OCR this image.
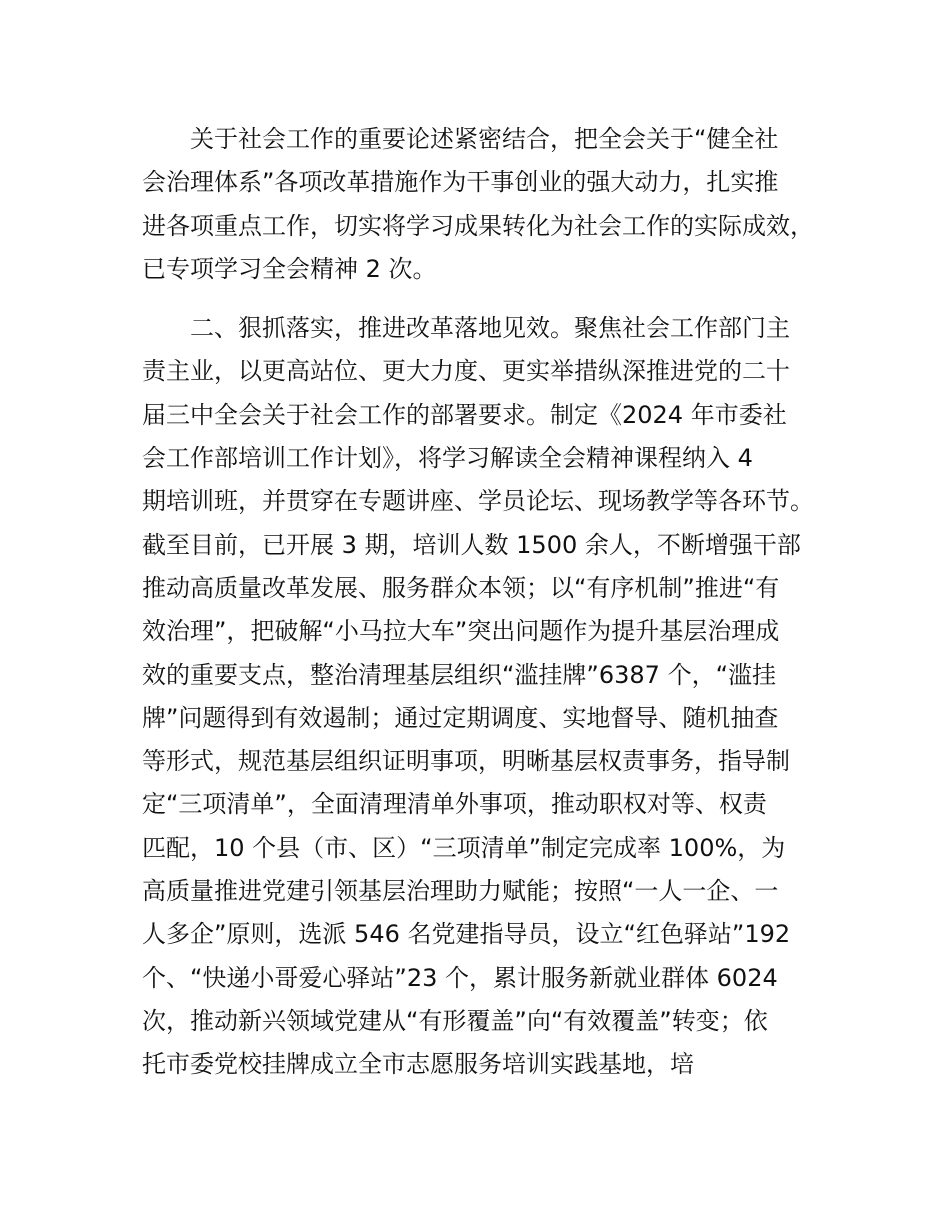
关于社会工作的重要论述紧密结合，把全会关于“健全社
会治理体系”各项改革措施作为干事创业的强大动力，扎实推
进各项重点工作，切实将学习成果转化为社会工作的实际成效，
已专项学习全会精神 2 次。
二、狠抓落实，推进改革落地见效。聚焦社会工作部门主
责主业，以更高站位、更大力度、更实举措纵深推进党的二十
届三中全会关于社会工作的部署要求。制定《2024 年市委社
会工作部培训工作计划》，将学习解读全会精神课程纳入 4
期培训班，并贯穿在专题讲座、学员论坛、现场教学等各环节。
截至目前，已开展 3 期，培训人数 1500 余人，不断增强干部
推动高质量改革发展、服务群众本领；以“有序机制”推进“有
效治理”，把破解“小马拉大车”突出问题作为提升基层治理成
效的重要支点，整治清理基层组织“滥挂牌”6387 个，“滥挂
牌”问题得到有效遏制；通过定期调度、实地督导、随机抽查
等形式，规范基层组织证明事项，明晰基层权责事务，指导制
定“三项清单”，全面清理清单外事项，推动职权对等、权责
匹配，10 个县（市、区）“三项清单”制定完成率 100%，为
高质量推进党建引领基层治理助力赋能；按照“一人一企、一
人多企”原则，选派 546 名党建指导员，设立“红色驿站”192
个、“快递小哥爱心驿站”23 个，累计服务新就业群体 6024
次，推动新兴领域党建从“有形覆盖”向“有效覆盖”转变；依
托市委党校挂牌成立全市志愿服务培训实践基地，培
